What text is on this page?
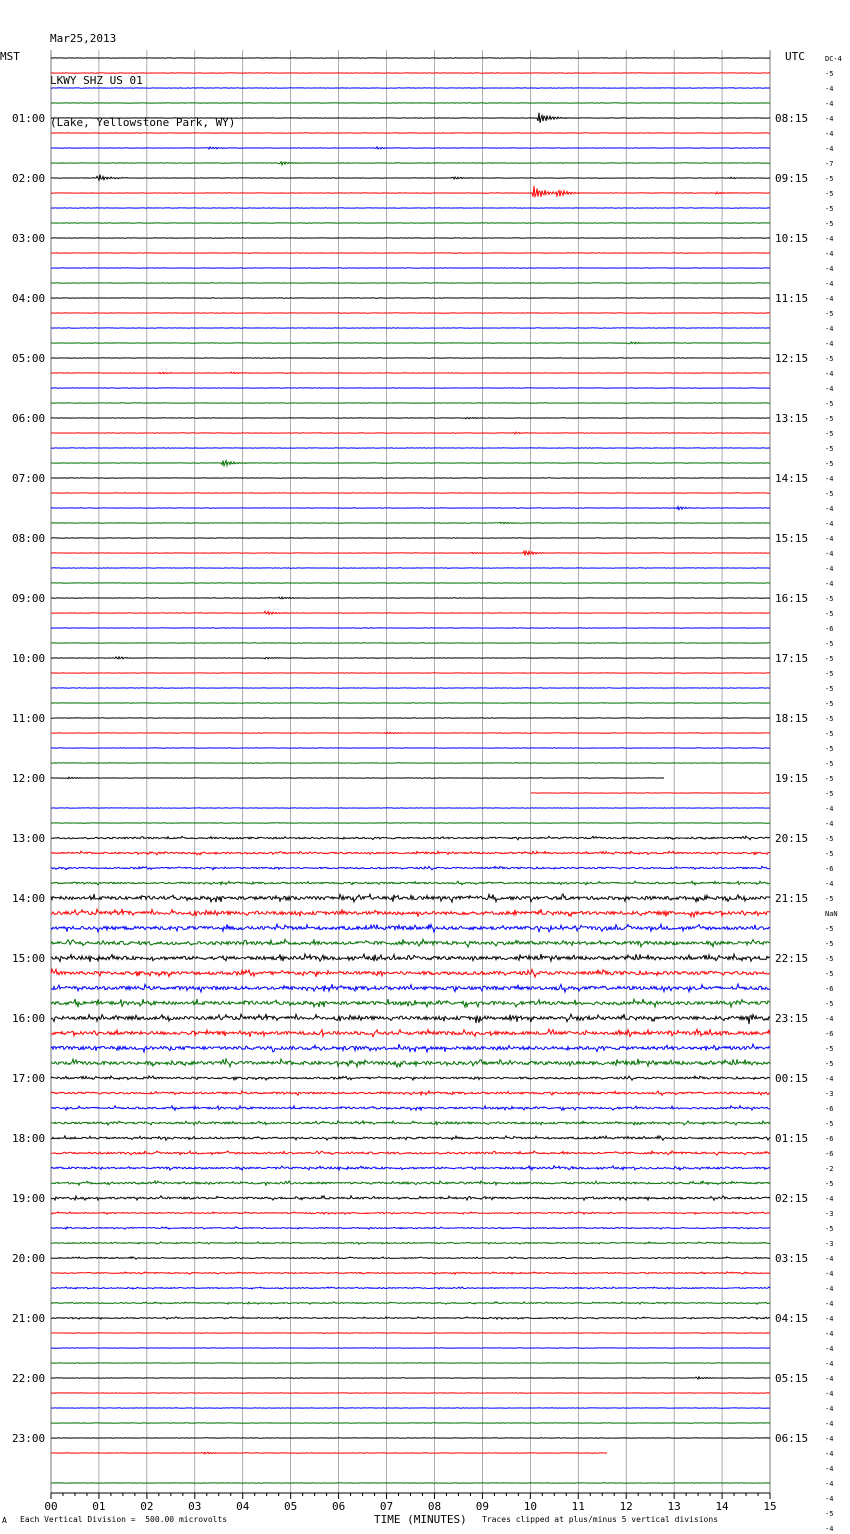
Mar25,2013

LKWY SHZ US 01

(Lake, Yellowstone Park, WY)

01:00
02:00
03:00
04:00
05:00
06:00
07:00
08:00
09:00
10:00
11:00
12:00
13:00
14:00
15:00
16:00
17:00
18:00
19:00
20:00
21:00
22:00
23:00
08:15
09:15
10:15
11:15
12:15
13:15
14:15
15:15
16:15
17:15
18:15
19:15
20:15
21:15
22:15
23:15
00:15
01:15
02:15
03:15
04:15
05:15
06:15
DC-4
-5
-4
-4
-4
-4
-4
-7
-5
-5
-5
-5
-4
-4
-4
-4
-4
-5
-4
-4
-5
-4
-4
-5
-5
-5
-5
-5
-4
-5
-4
-4
-4
-4
-4
-4
-5
-5
-6
-5
-5
-5
-5
-5
-5
-5
-5
-5
-5
-5
-4
-4
-5
-5
-6
-4
-5
NaN
-5
-5
-5
-5
-6
-5
-4
-6
-5
-5
-4
-3
-6
-5
-6
-6
-2
-5
-4
-3
-5
-3
-4
-4
-4
-4
-4
-4
-4
-4
-4
-4
-4
-4
-4
-4
-4
-4
-4
-5
-4
00	01	02	03	04	05	06	07	08	09	10	11	12	13	14	15
MST	UTC
TIME (MINUTES)
A Each Vertical Division =  500.00 microvolts	Traces clipped at plus/minus 5 vertical divisions
